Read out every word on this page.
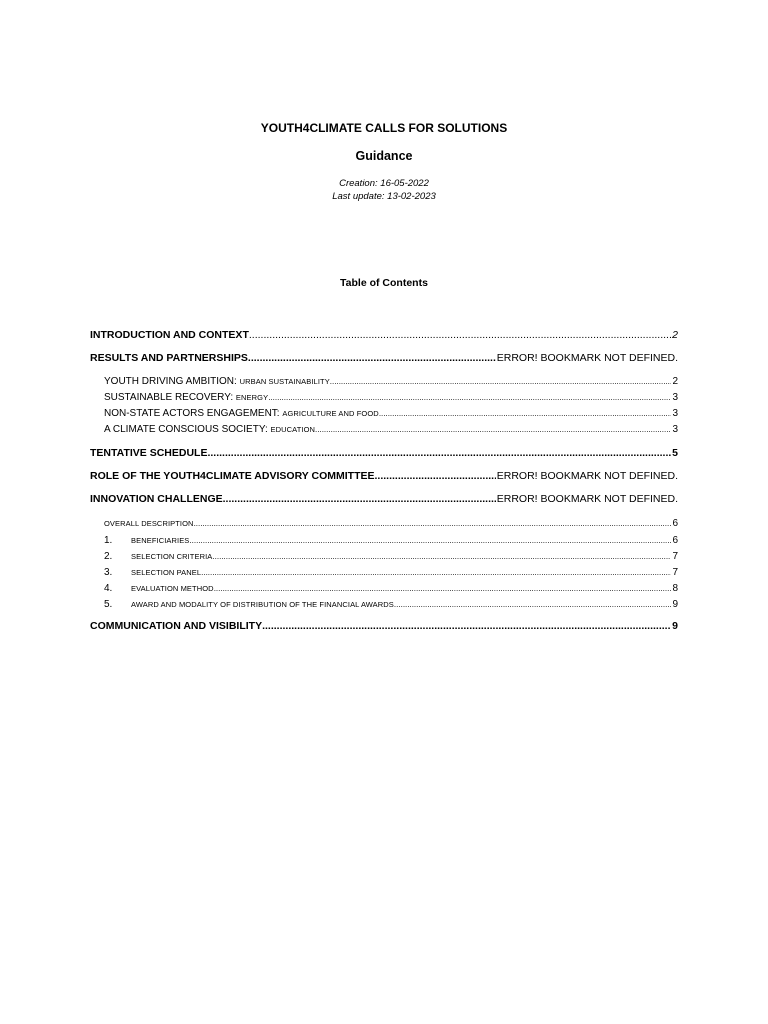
YOUTH4CLIMATE CALLS FOR SOLUTIONS
Guidance
Creation: 16-05-2022
Last update: 13-02-2023
Table of Contents
INTRODUCTION AND CONTEXT .....	2
RESULTS AND PARTNERSHIPS .....	ERROR! BOOKMARK NOT DEFINED.
YOUTH DRIVING AMBITION: URBAN SUSTAINABILITY .....	2
SUSTAINABLE RECOVERY: ENERGY .....	3
NON-STATE ACTORS ENGAGEMENT: AGRICULTURE AND FOOD .....	3
A CLIMATE CONSCIOUS SOCIETY: EDUCATION .....	3
TENTATIVE SCHEDULE .....	5
ROLE OF THE YOUTH4CLIMATE ADVISORY COMMITTEE .....	ERROR! BOOKMARK NOT DEFINED.
INNOVATION CHALLENGE .....	ERROR! BOOKMARK NOT DEFINED.
OVERALL DESCRIPTION .....	6
1. BENEFICIARIES .....	6
2. SELECTION CRITERIA .....	7
3. SELECTION PANEL .....	7
4. EVALUATION METHOD .....	8
5. AWARD AND MODALITY OF DISTRIBUTION OF THE FINANCIAL AWARDS .....	9
COMMUNICATION AND VISIBILITY .....	9
